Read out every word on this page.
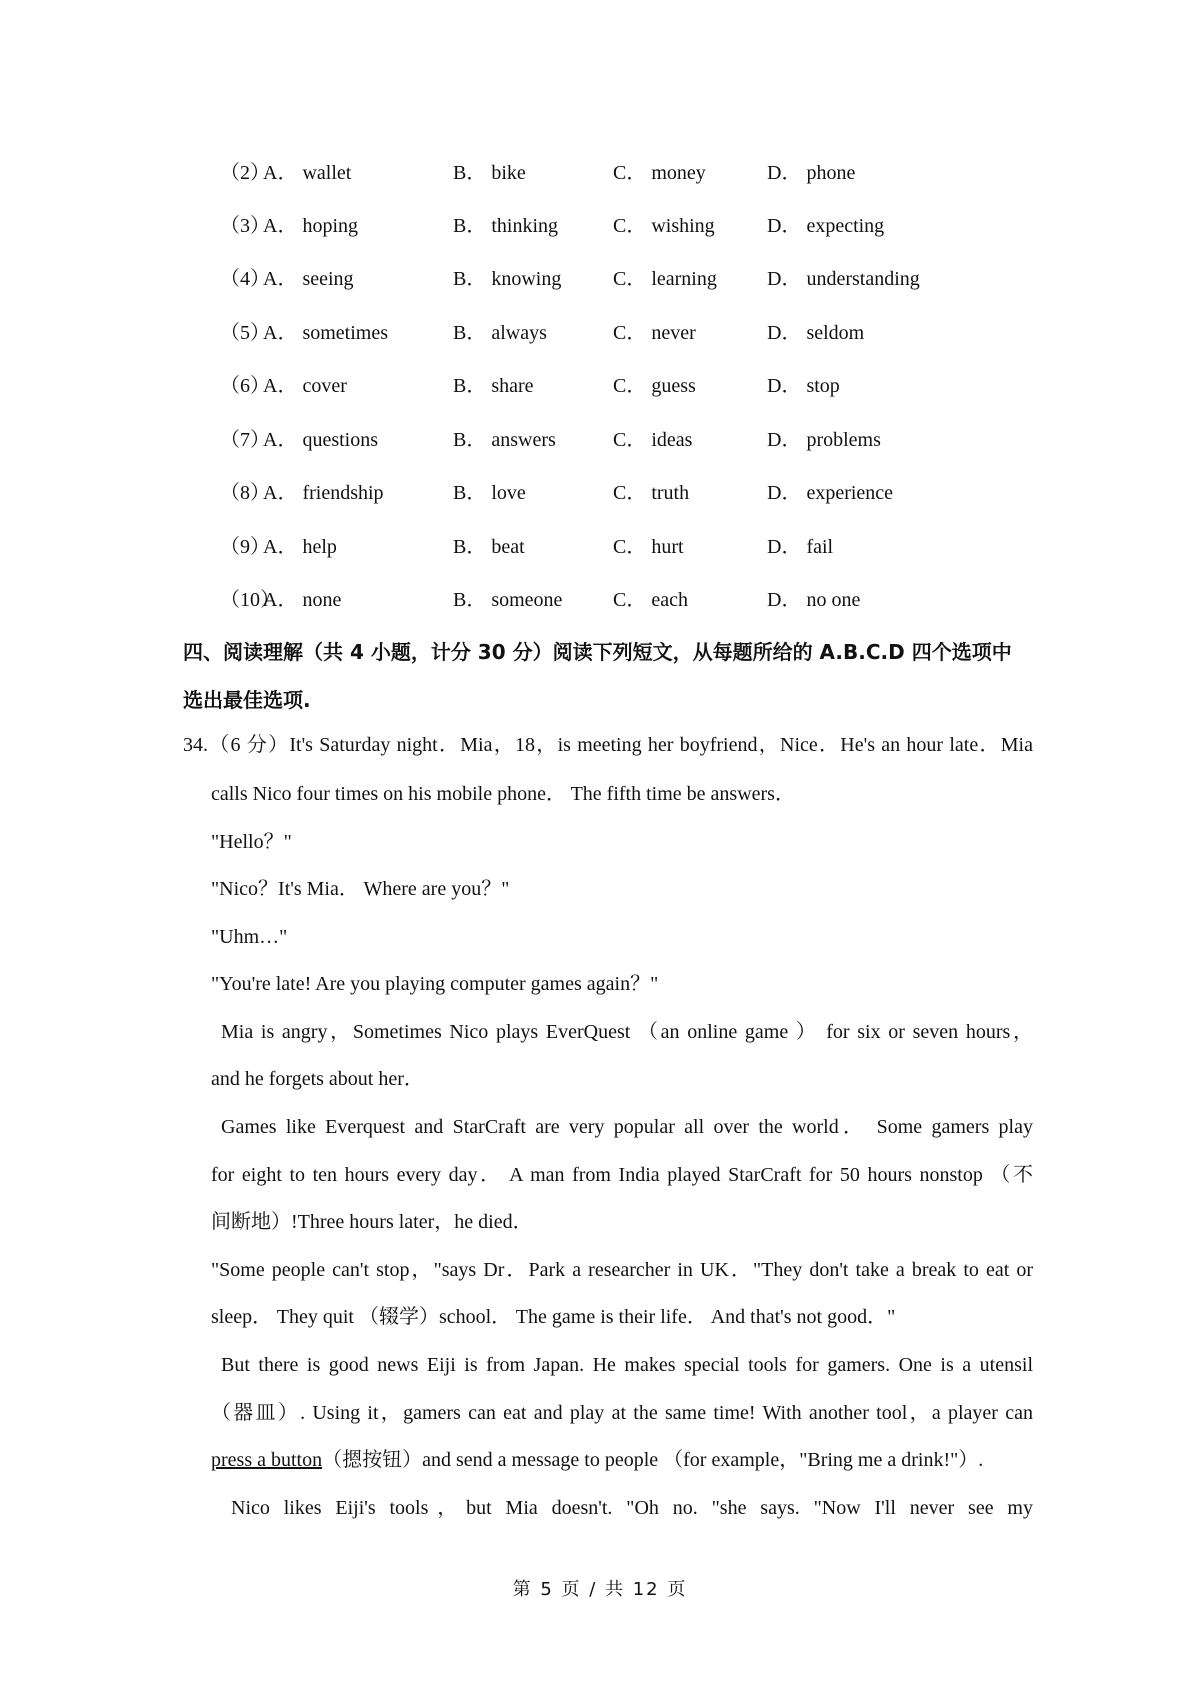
（2）
A． wallet	B． bike	C． money	D． phone
（3）
A． hoping	B． thinking	C． wishing	D． expecting
（4）
A． seeing	B． knowing	C． learning	D． understanding
（5）
A． sometimes	B． always	C． never	D． seldom
（6）
A． cover	B． share	C． guess	D． stop
（7）
A． questions	B． answers	C． ideas	D． problems
（8）
A． friendship	B． love	C． truth	D． experience
（9）
A． help	B． beat	C． hurt	D． fail
（10）
A． none	B． someone	C． each	D． no one
四、阅读理解（共 4 小题，计分 30 分）阅读下列短文，从每题所给的 A.B.C.D 四个选项中
选出最佳选项.
34.（6 分）It's Saturday night．Mia，18，is meeting her boyfriend，Nice．He's an hour late．Mia
calls Nico four times on his mobile phone． The fifth time be answers．
"Hello？"
"Nico？It's Mia． Where are you？"
"Uhm…"
"You're late! Are you playing computer games again？"
Mia is angry，Sometimes Nico plays EverQuest （an online game ） for six or seven hours，
and he forgets about her．
Games like Everquest and StarCraft are very popular all over the world． Some gamers play
for eight to ten hours every day． A man from India played StarCraft for 50 hours nonstop （不
间断地）!Three hours later，he died．
"Some people can't stop，"says Dr．Park a researcher in UK．"They don't take a break to eat or
sleep． They quit （辍学）school． The game is their life． And that's not good．"
But there is good news Eiji is from Japan. He makes special tools for gamers. One is a utensil
（器皿）. Using it，gamers can eat and play at the same time! With another tool，a player can
press a button（摁按钮）and send a message to people （for example，"Bring me a drink!"）.
Nico likes Eiji's tools，but Mia doesn't. "Oh no. "she says. "Now I'll never see my
第 5 页 / 共 12 页
